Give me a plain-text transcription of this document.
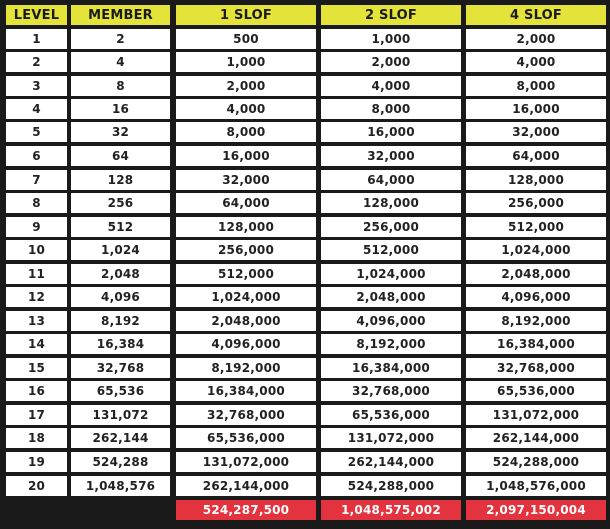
LEVEL
1
2
3
4
5
6
7
8
9
10
11
12
13
14
15
16
17
18
19
20
MEMBER
2
4
8
16
32
64
128
256
512
1,024
2,048
4,096
8,192
16,384
32,768
65,536
131,072
262,144
524,288
1,048,576
1 SLOF
500
1,000
2,000
4,000
8,000
16,000
32,000
64,000
128,000
256,000
512,000
1,024,000
2,048,000
4,096,000
8,192,000
16,384,000
32,768,000
65,536,000
131,072,000
262,144,000
524,287,500
2 SLOF
1,000
2,000
4,000
8,000
16,000
32,000
64,000
128,000
256,000
512,000
1,024,000
2,048,000
4,096,000
8,192,000
16,384,000
32,768,000
65,536,000
131,072,000
262,144,000
524,288,000
1,048,575,002
4 SLOF
2,000
4,000
8,000
16,000
32,000
64,000
128,000
256,000
512,000
1,024,000
2,048,000
4,096,000
8,192,000
16,384,000
32,768,000
65,536,000
131,072,000
262,144,000
524,288,000
1,048,576,000
2,097,150,004
